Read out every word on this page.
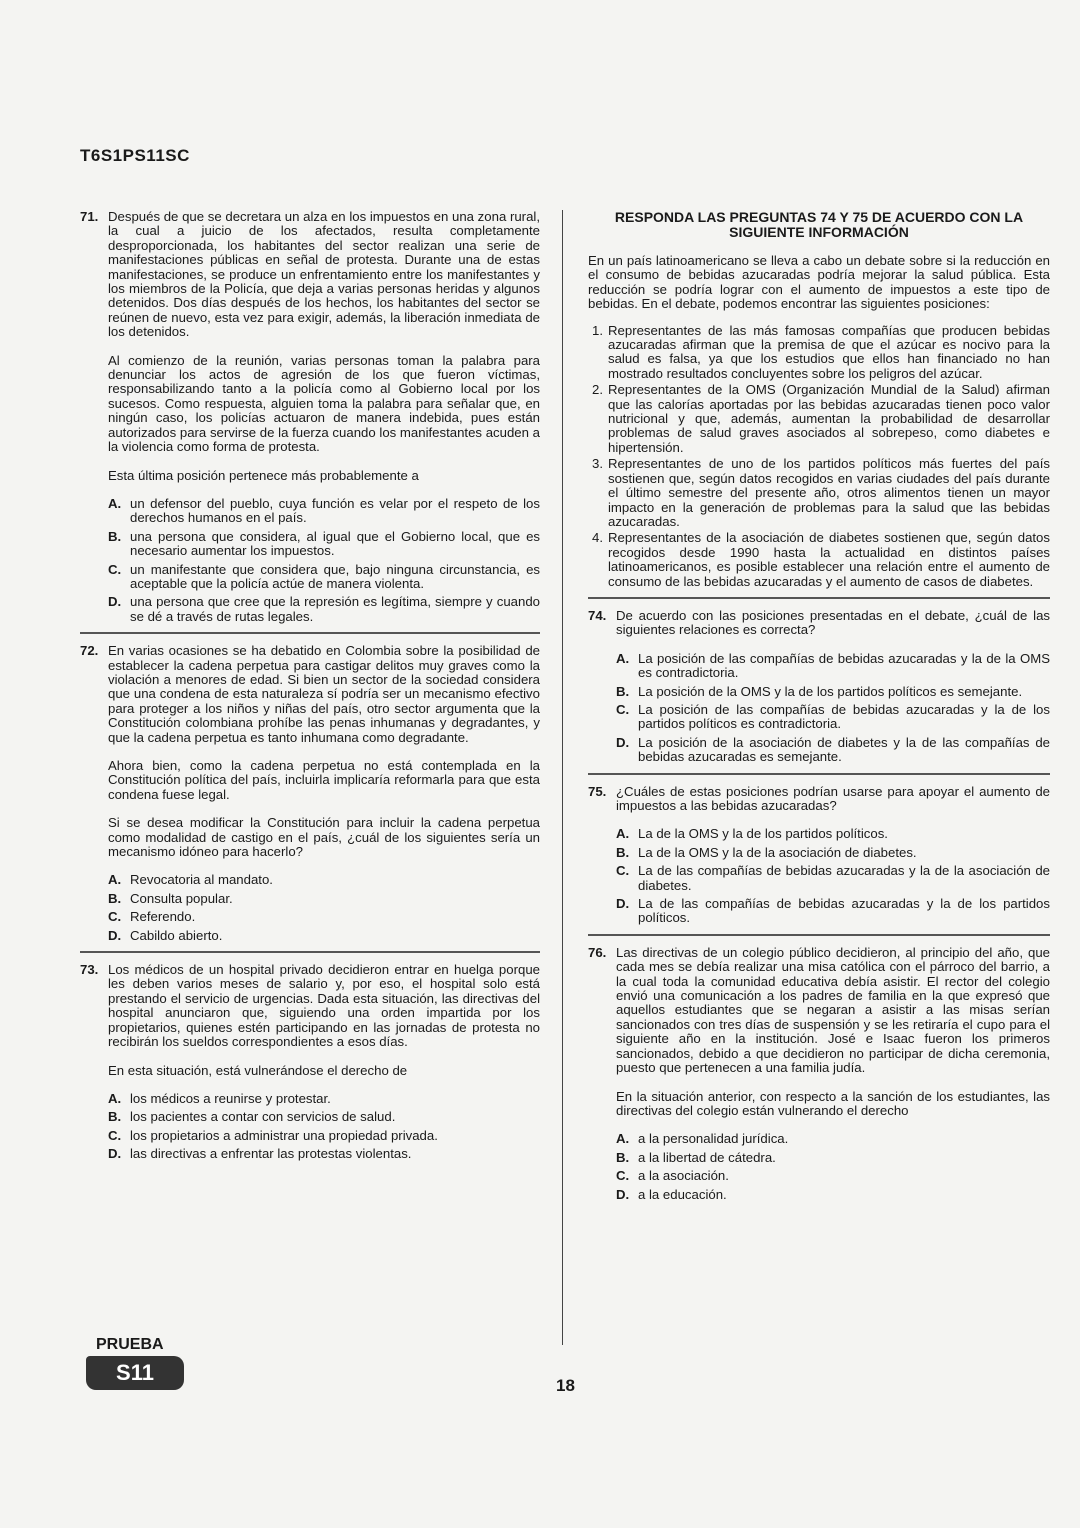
T6S1PS11SC
71. Después de que se decretara un alza en los impuestos en una zona rural, la cual a juicio de los afectados, resulta completamente desproporcionada, los habitantes del sector realizan una serie de manifestaciones públicas en señal de protesta. Durante una de estas manifestaciones, se produce un enfrentamiento entre los manifestantes y los miembros de la Policía, que deja a varias personas heridas y algunos detenidos. Dos días después de los hechos, los habitantes del sector se reúnen de nuevo, esta vez para exigir, además, la liberación inmediata de los detenidos.

Al comienzo de la reunión, varias personas toman la palabra para denunciar los actos de agresión de los que fueron víctimas, responsabilizando tanto a la policía como al Gobierno local por los sucesos. Como respuesta, alguien toma la palabra para señalar que, en ningún caso, los policías actuaron de manera indebida, pues están autorizados para servirse de la fuerza cuando los manifestantes acuden a la violencia como forma de protesta.

Esta última posición pertenece más probablemente a

A. un defensor del pueblo, cuya función es velar por el respeto de los derechos humanos en el país.
B. una persona que considera, al igual que el Gobierno local, que es necesario aumentar los impuestos.
C. un manifestante que considera que, bajo ninguna circunstancia, es aceptable que la policía actúe de manera violenta.
D. una persona que cree que la represión es legítima, siempre y cuando se dé a través de rutas legales.
72. En varias ocasiones se ha debatido en Colombia sobre la posibilidad de establecer la cadena perpetua para castigar delitos muy graves como la violación a menores de edad. Si bien un sector de la sociedad considera que una condena de esta naturaleza sí podría ser un mecanismo efectivo para proteger a los niños y niñas del país, otro sector argumenta que la Constitución colombiana prohíbe las penas inhumanas y degradantes, y que la cadena perpetua es tanto inhumana como degradante.

Ahora bien, como la cadena perpetua no está contemplada en la Constitución política del país, incluirla implicaría reformarla para que esta condena fuese legal.

Si se desea modificar la Constitución para incluir la cadena perpetua como modalidad de castigo en el país, ¿cuál de los siguientes sería un mecanismo idóneo para hacerlo?

A. Revocatoria al mandato.
B. Consulta popular.
C. Referendo.
D. Cabildo abierto.
73. Los médicos de un hospital privado decidieron entrar en huelga porque les deben varios meses de salario y, por eso, el hospital solo está prestando el servicio de urgencias. Dada esta situación, las directivas del hospital anunciaron que, siguiendo una orden impartida por los propietarios, quienes estén participando en las jornadas de protesta no recibirán los sueldos correspondientes a esos días.

En esta situación, está vulnerándose el derecho de

A. los médicos a reunirse y protestar.
B. los pacientes a contar con servicios de salud.
C. los propietarios a administrar una propiedad privada.
D. las directivas a enfrentar las protestas violentas.
RESPONDA LAS PREGUNTAS 74 Y 75 DE ACUERDO CON LA SIGUIENTE INFORMACIÓN

En un país latinoamericano se lleva a cabo un debate sobre si la reducción en el consumo de bebidas azucaradas podría mejorar la salud pública. Esta reducción se podría lograr con el aumento de impuestos a este tipo de bebidas. En el debate, podemos encontrar las siguientes posiciones:

1. Representantes de las más famosas compañías que producen bebidas azucaradas afirman que la premisa de que el azúcar es nocivo para la salud es falsa, ya que los estudios que ellos han financiado no han mostrado resultados concluyentes sobre los peligros del azúcar.
2. Representantes de la OMS (Organización Mundial de la Salud) afirman que las calorías aportadas por las bebidas azucaradas tienen poco valor nutricional y que, además, aumentan la probabilidad de desarrollar problemas de salud graves asociados al sobrepeso, como diabetes e hipertensión.
3. Representantes de uno de los partidos políticos más fuertes del país sostienen que, según datos recogidos en varias ciudades del país durante el último semestre del presente año, otros alimentos tienen un mayor impacto en la generación de problemas para la salud que las bebidas azucaradas.
4. Representantes de la asociación de diabetes sostienen que, según datos recogidos desde 1990 hasta la actualidad en distintos países latinoamericanos, es posible establecer una relación entre el aumento de consumo de las bebidas azucaradas y el aumento de casos de diabetes.
74. De acuerdo con las posiciones presentadas en el debate, ¿cuál de las siguientes relaciones es correcta?

A. La posición de las compañías de bebidas azucaradas y la de la OMS es contradictoria.
B. La posición de la OMS y la de los partidos políticos es semejante.
C. La posición de las compañías de bebidas azucaradas y la de los partidos políticos es contradictoria.
D. La posición de la asociación de diabetes y la de las compañías de bebidas azucaradas es semejante.
75. ¿Cuáles de estas posiciones podrían usarse para apoyar el aumento de impuestos a las bebidas azucaradas?

A. La de la OMS y la de los partidos políticos.
B. La de la OMS y la de la asociación de diabetes.
C. La de las compañías de bebidas azucaradas y la de la asociación de diabetes.
D. La de las compañías de bebidas azucaradas y la de los partidos políticos.
76. Las directivas de un colegio público decidieron, al principio del año, que cada mes se debía realizar una misa católica con el párroco del barrio, a la cual toda la comunidad educativa debía asistir. El rector del colegio envió una comunicación a los padres de familia en la que expresó que aquellos estudiantes que se negaran a asistir a las misas serían sancionados con tres días de suspensión y se les retiraría el cupo para el siguiente año en la institución. José e Isaac fueron los primeros sancionados, debido a que decidieron no participar de dicha ceremonia, puesto que pertenecen a una familia judía.

En la situación anterior, con respecto a la sanción de los estudiantes, las directivas del colegio están vulnerando el derecho

A. a la personalidad jurídica.
B. a la libertad de cátedra.
C. a la asociación.
D. a la educación.
PRUEBA
S11
18
